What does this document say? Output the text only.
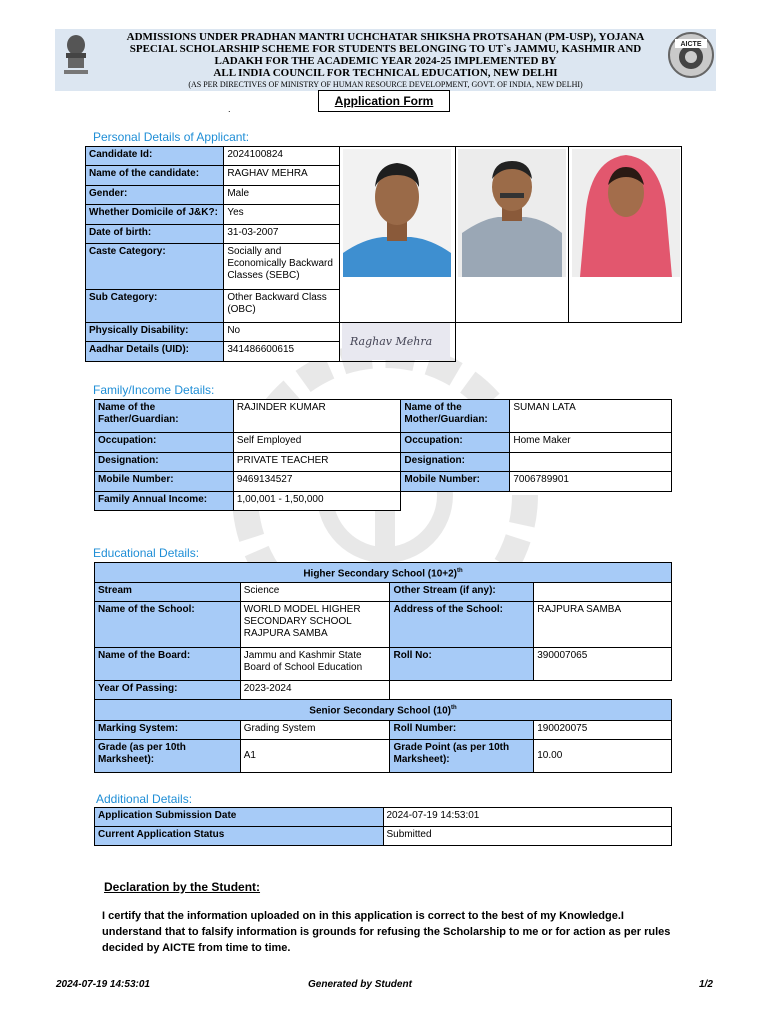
ADMISSIONS UNDER PRADHAN MANTRI UCHCHATAR SHIKSHA PROTSAHAN (PM-USP), YOJANA
SPECIAL SCHOLARSHIP SCHEME FOR STUDENTS BELONGING TO UT`s JAMMU, KASHMIR AND
LADAKH FOR THE ACADEMIC YEAR 2024-25 IMPLEMENTED BY
ALL INDIA COUNCIL FOR TECHNICAL EDUCATION, NEW DELHI
(AS PER DIRECTIVES OF MINISTRY OF HUMAN RESOURCE DEVELOPMENT, GOVT. OF INDIA, NEW DELHI)
AICTE
Application Form
.
Personal Details of Applicant:
Candidate Id:	2024100824
Name of the candidate:	RAGHAV MEHRA
Gender:	Male
Whether Domicile of J&K?:	Yes
Date of birth:	31-03-2007
Caste Category:	Socially and Economically Backward Classes (SEBC)
Sub Category:	Other Backward Class (OBC)
Physically Disability:	No
Aadhar Details (UID):	341486600615
Raghav Mehra
Family/Income Details:
Name of the Father/Guardian:	RAJINDER KUMAR	Name of the Mother/Guardian:	SUMAN LATA
Occupation:	Self Employed	Occupation:	Home Maker
Designation:	PRIVATE TEACHER	Designation:	
Mobile Number:	9469134527	Mobile Number:	7006789901
Family Annual Income:	1,00,001 - 1,50,000		
Educational Details:
Higher Secondary School $(10+2)^{th}$
Stream	Science	Other Stream (if any):	
Name of the School:	WORLD MODEL HIGHER SECONDARY SCHOOL RAJPURA SAMBA	Address of the School:	RAJPURA SAMBA
Name of the Board:	Jammu and Kashmir State Board of School Education	Roll No:	390007065
Year Of Passing:	2023-2024		
Senior Secondary School $(10)^{th}$
Marking System:	Grading System	Roll Number:	190020075
Grade (as per 10th Marksheet):	A1	Grade Point (as per 10th Marksheet):	10.00
Additional Details:
Application Submission Date	2024-07-19 14:53:01
Current Application Status	Submitted
Declaration by the Student:
I certify that the information uploaded on in this application is correct to the best of my Knowledge.I understand that to falsify information is grounds for refusing the Scholarship to me or for action as per rules decided by AICTE from time to time.
2024-07-19 14:53:01	Generated by Student	1/2
